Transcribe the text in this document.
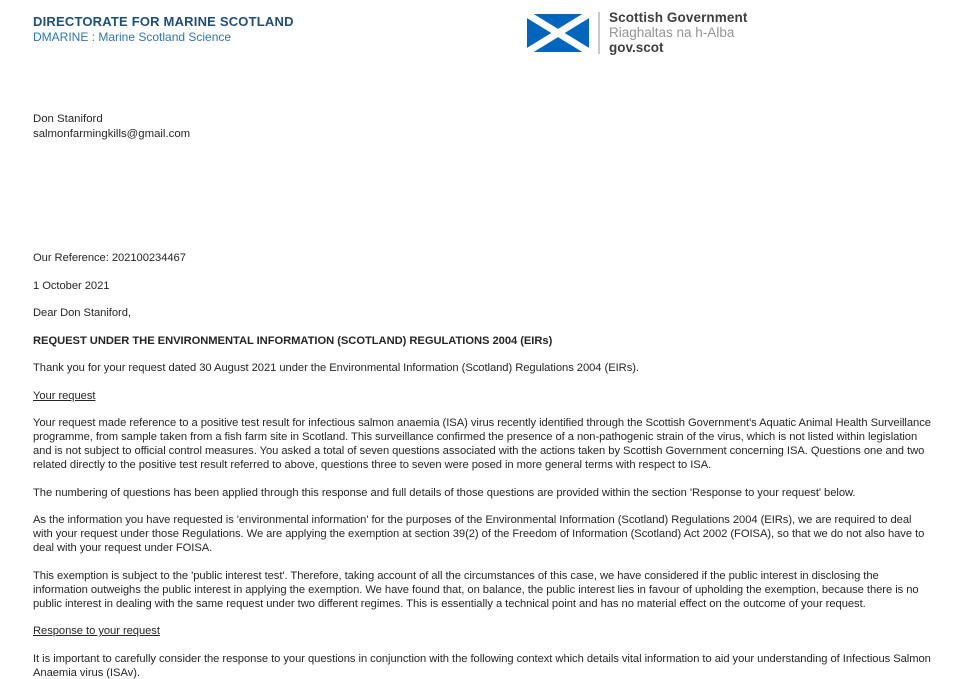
DIRECTORATE FOR MARINE SCOTLAND
DMARINE : Marine Scotland Science
Scottish Government
Riaghaltas na h-Alba
gov.scot
Don Staniford
salmonfarmingkills@gmail.com

Our Reference: 202100234467

1 October 2021

Dear Don Staniford,

REQUEST UNDER THE ENVIRONMENTAL INFORMATION (SCOTLAND) REGULATIONS 2004 (EIRs)

Thank you for your request dated 30 August 2021 under the Environmental Information (Scotland) Regulations 2004 (EIRs).

Your request

Your request made reference to a positive test result for infectious salmon anaemia (ISA) virus recently identified through the Scottish Government's Aquatic Animal Health Surveillance programme, from sample taken from a fish farm site in Scotland. This surveillance confirmed the presence of a non-pathogenic strain of the virus, which is not listed within legislation and is not subject to official control measures. You asked a total of seven questions associated with the actions taken by Scottish Government concerning ISA. Questions one and two related directly to the positive test result referred to above, questions three to seven were posed in more general terms with respect to ISA.

The numbering of questions has been applied through this response and full details of those questions are provided within the section 'Response to your request' below.

As the information you have requested is 'environmental information' for the purposes of the Environmental Information (Scotland) Regulations 2004 (EIRs), we are required to deal with your request under those Regulations. We are applying the exemption at section 39(2) of the Freedom of Information (Scotland) Act 2002 (FOISA), so that we do not also have to deal with your request under FOISA.

This exemption is subject to the 'public interest test'. Therefore, taking account of all the circumstances of this case, we have considered if the public interest in disclosing the information outweighs the public interest in applying the exemption. We have found that, on balance, the public interest lies in favour of upholding the exemption, because there is no public interest in dealing with the same request under two different regimes. This is essentially a technical point and has no material effect on the outcome of your request.

Response to your request

It is important to carefully consider the response to your questions in conjunction with the following context which details vital information to aid your understanding of Infectious Salmon Anaemia virus (ISAv).
